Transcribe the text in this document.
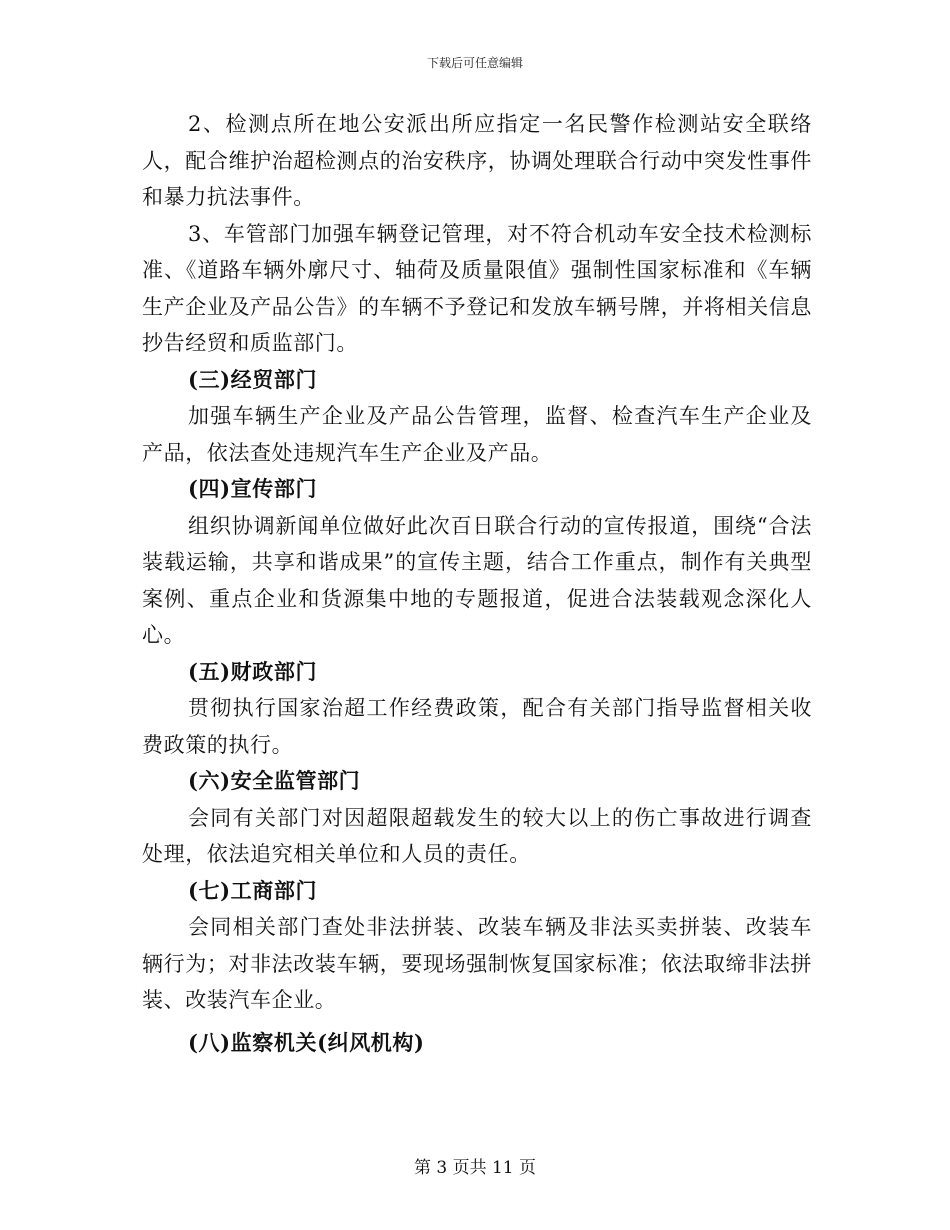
下载后可任意编辑

2、检测点所在地公安派出所应指定一名民警作检测站安全联络人，配合维护治超检测点的治安秩序，协调处理联合行动中突发性事件和暴力抗法事件。

3、车管部门加强车辆登记管理，对不符合机动车安全技术检测标准、《道路车辆外廓尺寸、轴荷及质量限值》强制性国家标准和《车辆生产企业及产品公告》的车辆不予登记和发放车辆号牌，并将相关信息抄告经贸和质监部门。

(三)经贸部门

加强车辆生产企业及产品公告管理，监督、检查汽车生产企业及产品，依法查处违规汽车生产企业及产品。

(四)宣传部门

组织协调新闻单位做好此次百日联合行动的宣传报道，围绕“合法装载运输，共享和谐成果”的宣传主题，结合工作重点，制作有关典型案例、重点企业和货源集中地的专题报道，促进合法装载观念深化人心。

(五)财政部门

贯彻执行国家治超工作经费政策，配合有关部门指导监督相关收费政策的执行。

(六)安全监管部门

会同有关部门对因超限超载发生的较大以上的伤亡事故进行调查处理，依法追究相关单位和人员的责任。

(七)工商部门

会同相关部门查处非法拼装、改装车辆及非法买卖拼装、改装车辆行为；对非法改装车辆，要现场强制恢复国家标准；依法取缔非法拼装、改装汽车企业。

(八)监察机关(纠风机构)

第 3 页共 11 页
